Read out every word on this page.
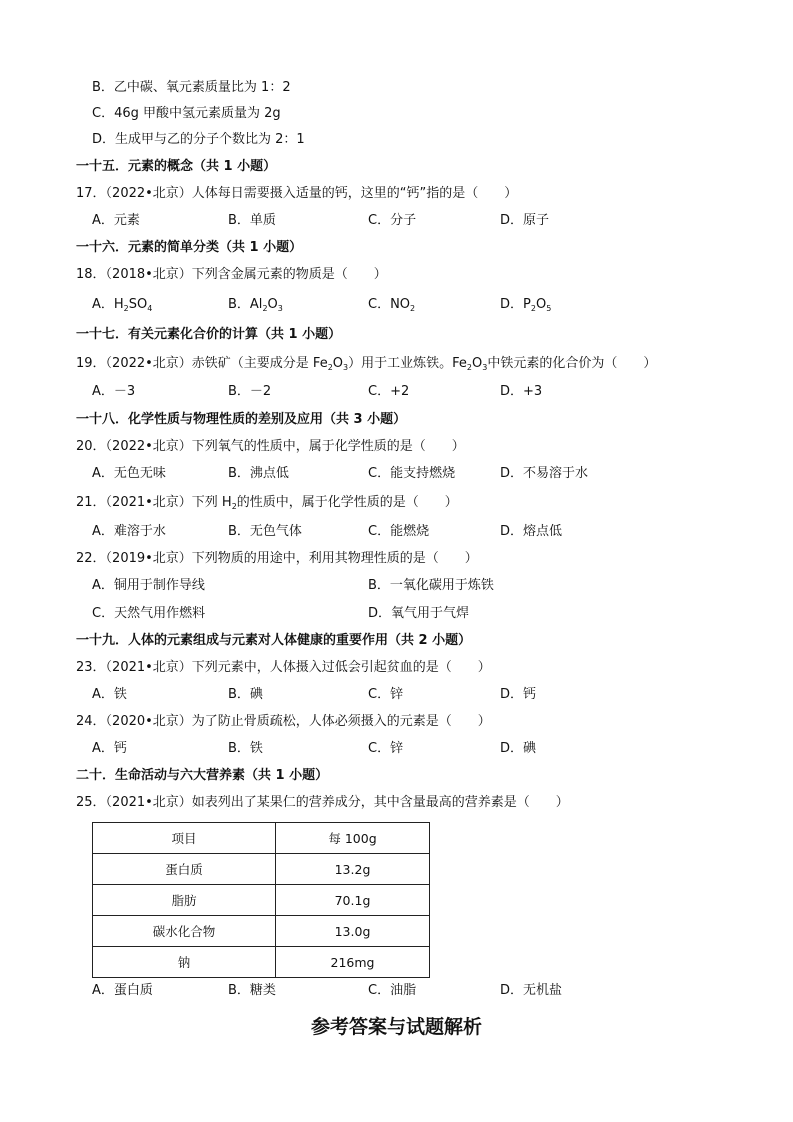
B．乙中碳、氧元素质量比为 1：2
C．46g 甲酸中氢元素质量为 2g
D．生成甲与乙的分子个数比为 2：1
一十五．元素的概念（共 1 小题）
17．（2022•北京）人体每日需要摄入适量的钙，这里的“钙”指的是（　　）
A．元素	B．单质	C．分子	D．原子
一十六．元素的简单分类（共 1 小题）
18．（2018•北京）下列含金属元素的物质是（　　）
A．$H_2SO_4$	B．$Al_2O_3$	C．$NO_2$	D．$P_2O_5$
一十七．有关元素化合价的计算（共 1 小题）
19．（2022•北京）赤铁矿（主要成分是 $Fe_2O_3$）用于工业炼铁。$Fe_2O_3$中铁元素的化合价为（　　）
A．－3	B．－2	C．+2	D．+3
一十八．化学性质与物理性质的差别及应用（共 3 小题）
20．（2022•北京）下列氧气的性质中，属于化学性质的是（　　）
A．无色无味	B．沸点低	C．能支持燃烧	D．不易溶于水
21．（2021•北京）下列 $H_2$的性质中，属于化学性质的是（　　）
A．难溶于水	B．无色气体	C．能燃烧	D．熔点低
22．（2019•北京）下列物质的用途中，利用其物理性质的是（　　）
A．铜用于制作导线	B．一氧化碳用于炼铁
C．天然气用作燃料	D．氧气用于气焊
一十九．人体的元素组成与元素对人体健康的重要作用（共 2 小题）
23．（2021•北京）下列元素中，人体摄入过低会引起贫血的是（　　）
A．铁	B．碘	C．锌	D．钙
24．（2020•北京）为了防止骨质疏松，人体必须摄入的元素是（　　）
A．钙	B．铁	C．锌	D．碘
二十．生命活动与六大营养素（共 1 小题）
25．（2021•北京）如表列出了某果仁的营养成分，其中含量最高的营养素是（　　）
项目	每 100g
蛋白质	13.2g
脂肪	70.1g
碳水化合物	13.0g
钠	216mg
A．蛋白质	B．糖类	C．油脂	D．无机盐
参考答案与试题解析
